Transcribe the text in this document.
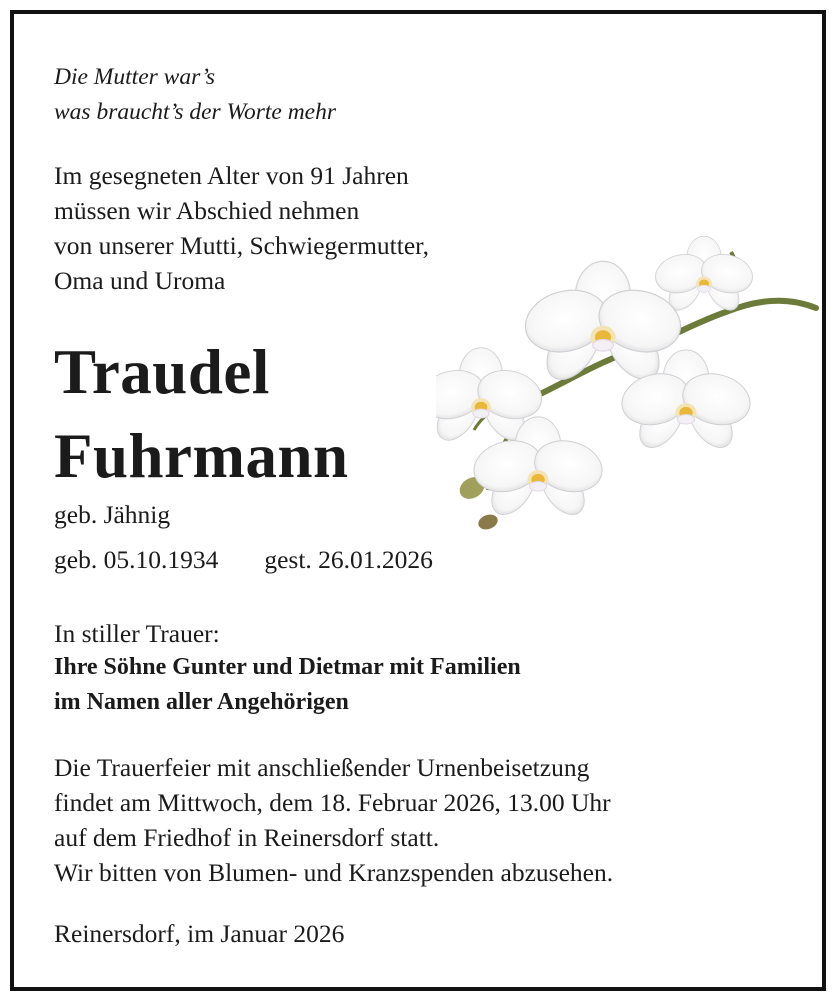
Die Mutter war’s
was braucht’s der Worte mehr
Im gesegneten Alter von 91 Jahren
müssen wir Abschied nehmen
von unserer Mutti, Schwiegermutter,
Oma und Uroma
Traudel
Fuhrmann
geb. Jähnig
geb. 05.10.1934 gest. 26.01.2026
In stiller Trauer:
Ihre Söhne Gunter und Dietmar mit Familien
im Namen aller Angehörigen
Die Trauerfeier mit anschließender Urnenbeisetzung
findet am Mittwoch, dem 18. Februar 2026, 13.00 Uhr
auf dem Friedhof in Reinersdorf statt.
Wir bitten von Blumen- und Kranzspenden abzusehen.
Reinersdorf, im Januar 2026
